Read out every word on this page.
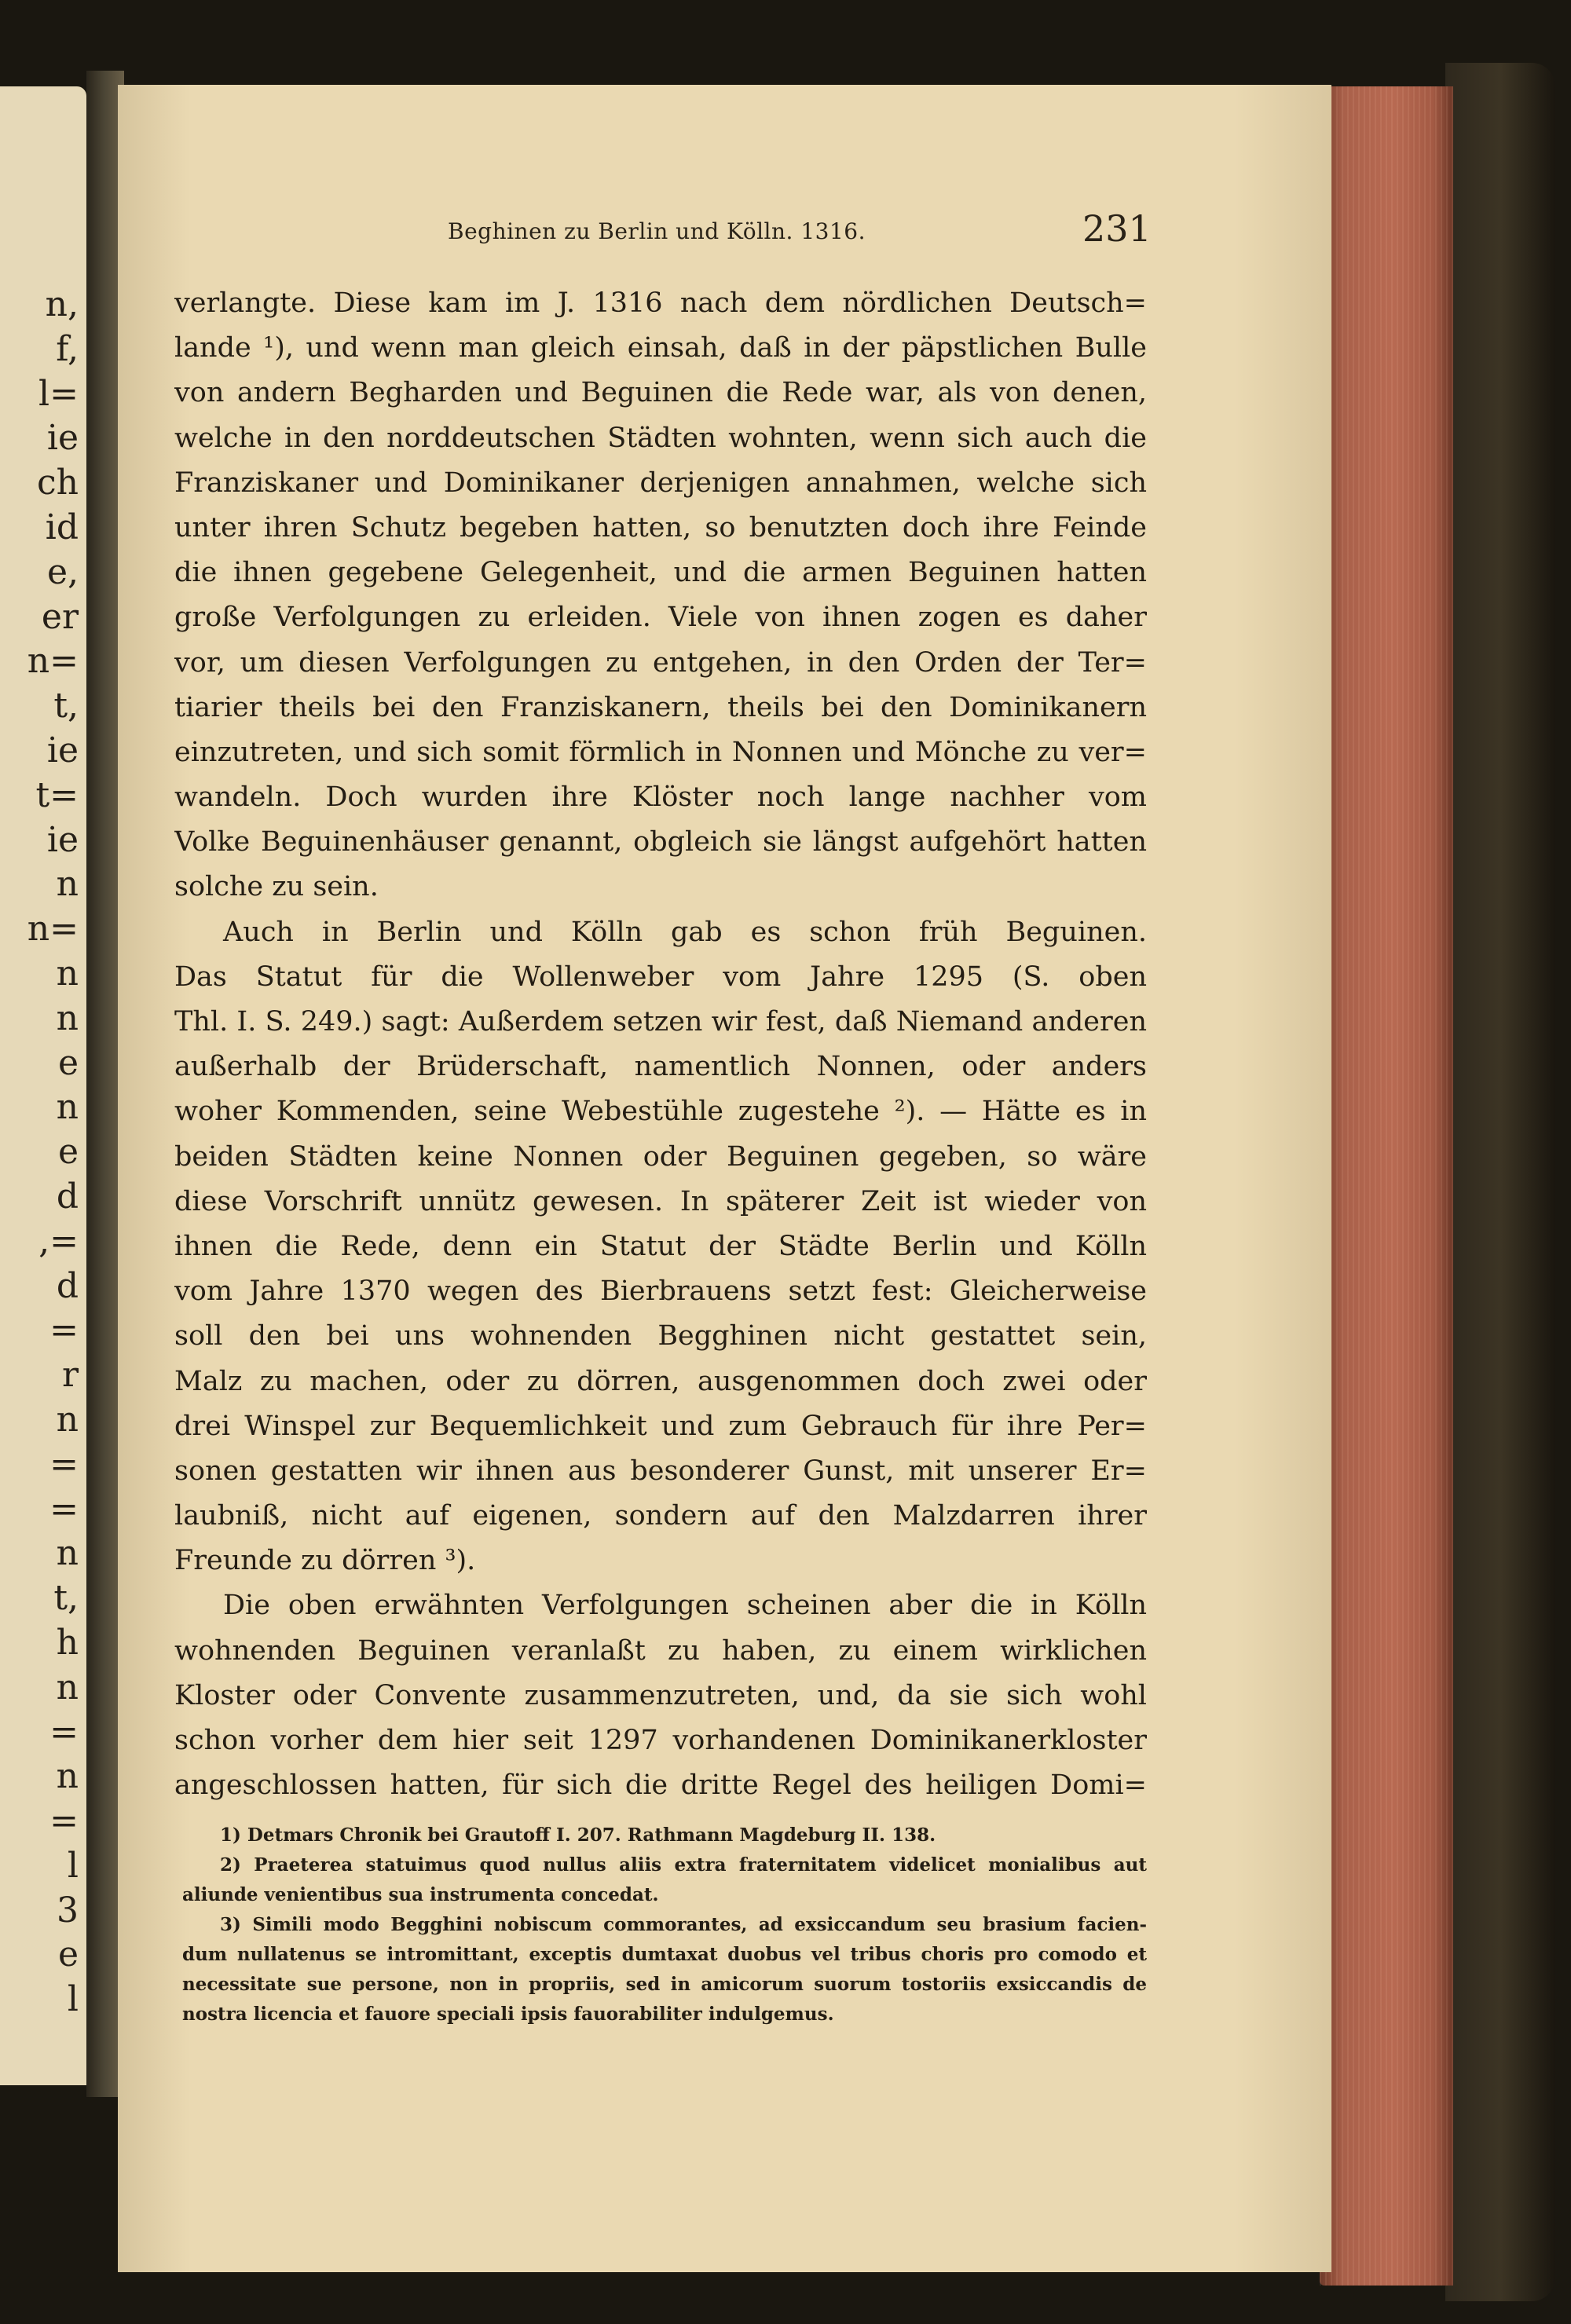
n,
f,
l=
ie
ch
id
e,
er
n=
t,
ie
t=
ie
n
n=
n
n
e
n
e
d
,=
d
=
r
n
=
=
n
t,
h
n
=
n
=
l
3
e
l
Beghinen zu Berlin und Kölln. 1316.	231
verlangte. Diese kam im J. 1316 nach dem nördlichen Deutsch=
lande ¹), und wenn man gleich einsah, daß in der päpstlichen Bulle
von andern Begharden und Beguinen die Rede war, als von denen,
welche in den norddeutschen Städten wohnten, wenn sich auch die
Franziskaner und Dominikaner derjenigen annahmen, welche sich
unter ihren Schutz begeben hatten, so benutzten doch ihre Feinde
die ihnen gegebene Gelegenheit, und die armen Beguinen hatten
große Verfolgungen zu erleiden. Viele von ihnen zogen es daher
vor, um diesen Verfolgungen zu entgehen, in den Orden der Ter=
tiarier theils bei den Franziskanern, theils bei den Dominikanern
einzutreten, und sich somit förmlich in Nonnen und Mönche zu ver=
wandeln. Doch wurden ihre Klöster noch lange nachher vom
Volke Beguinenhäuser genannt, obgleich sie längst aufgehört hatten
solche zu sein.
Auch in Berlin und Kölln gab es schon früh Beguinen.
Das Statut für die Wollenweber vom Jahre 1295 (S. oben
Thl. I. S. 249.) sagt: Außerdem setzen wir fest, daß Niemand anderen
außerhalb der Brüderschaft, namentlich Nonnen, oder anders
woher Kommenden, seine Webestühle zugestehe ²). — Hätte es in
beiden Städten keine Nonnen oder Beguinen gegeben, so wäre
diese Vorschrift unnütz gewesen. In späterer Zeit ist wieder von
ihnen die Rede, denn ein Statut der Städte Berlin und Kölln
vom Jahre 1370 wegen des Bierbrauens setzt fest: Gleicherweise
soll den bei uns wohnenden Begghinen nicht gestattet sein,
Malz zu machen, oder zu dörren, ausgenommen doch zwei oder
drei Winspel zur Bequemlichkeit und zum Gebrauch für ihre Per=
sonen gestatten wir ihnen aus besonderer Gunst, mit unserer Er=
laubniß, nicht auf eigenen, sondern auf den Malzdarren ihrer
Freunde zu dörren ³).
Die oben erwähnten Verfolgungen scheinen aber die in Kölln
wohnenden Beguinen veranlaßt zu haben, zu einem wirklichen
Kloster oder Convente zusammenzutreten, und, da sie sich wohl
schon vorher dem hier seit 1297 vorhandenen Dominikanerkloster
angeschlossen hatten, für sich die dritte Regel des heiligen Domi=
1) Detmars Chronik bei Grautoff I. 207. Rathmann Magdeburg II. 138.
2) Praeterea statuimus quod nullus aliis extra fraternitatem videlicet monialibus aut
aliunde venientibus sua instrumenta concedat.
3) Simili modo Begghini nobiscum commorantes, ad exsiccandum seu brasium facien-
dum nullatenus se intromittant, exceptis dumtaxat duobus vel tribus choris pro comodo et
necessitate sue persone, non in propriis, sed in amicorum suorum tostoriis exsiccandis de
nostra licencia et fauore speciali ipsis fauorabiliter indulgemus.
